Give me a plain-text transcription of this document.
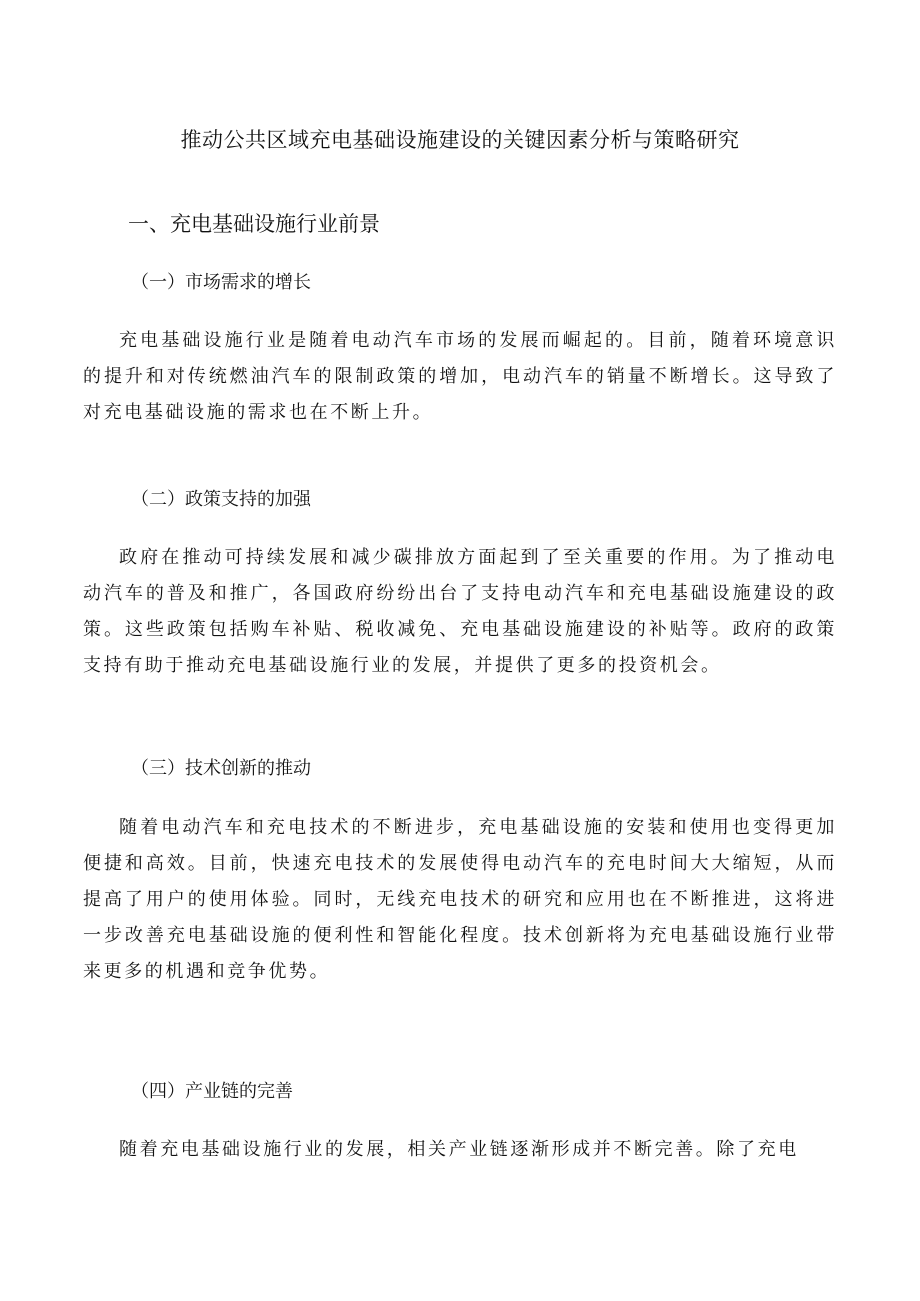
推动公共区域充电基础设施建设的关键因素分析与策略研究
一、充电基础设施行业前景
（一）市场需求的增长
充电基础设施行业是随着电动汽车市场的发展而崛起的。目前，随着环境意识的提升和对传统燃油汽车的限制政策的增加，电动汽车的销量不断增长。这导致了对充电基础设施的需求也在不断上升。
（二）政策支持的加强
政府在推动可持续发展和减少碳排放方面起到了至关重要的作用。为了推动电动汽车的普及和推广，各国政府纷纷出台了支持电动汽车和充电基础设施建设的政策。这些政策包括购车补贴、税收减免、充电基础设施建设的补贴等。政府的政策支持有助于推动充电基础设施行业的发展，并提供了更多的投资机会。
（三）技术创新的推动
随着电动汽车和充电技术的不断进步，充电基础设施的安装和使用也变得更加便捷和高效。目前，快速充电技术的发展使得电动汽车的充电时间大大缩短，从而提高了用户的使用体验。同时，无线充电技术的研究和应用也在不断推进，这将进一步改善充电基础设施的便利性和智能化程度。技术创新将为充电基础设施行业带来更多的机遇和竞争优势。
（四）产业链的完善
随着充电基础设施行业的发展，相关产业链逐渐形成并不断完善。除了充电
